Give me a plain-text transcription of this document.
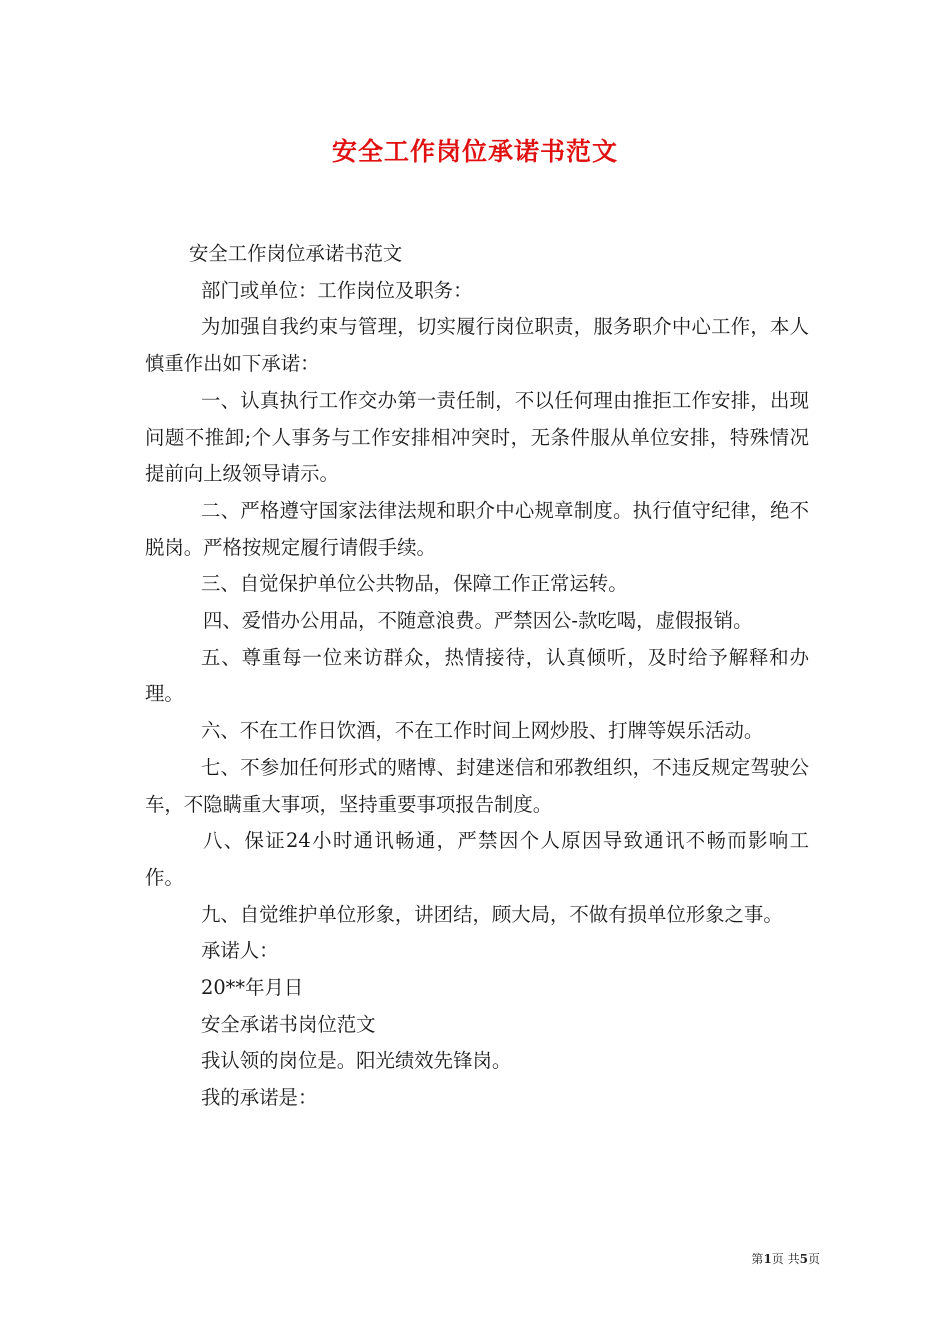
安全工作岗位承诺书范文

安全工作岗位承诺书范文

部门或单位：工作岗位及职务：

为加强自我约束与管理，切实履行岗位职责，服务职介中心工作，本人慎重作出如下承诺：

一、认真执行工作交办第一责任制，不以任何理由推拒工作安排，出现问题不推卸;个人事务与工作安排相冲突时，无条件服从单位安排，特殊情况提前向上级领导请示。

二、严格遵守国家法律法规和职介中心规章制度。执行值守纪律，绝不脱岗。严格按规定履行请假手续。

三、自觉保护单位公共物品，保障工作正常运转。

四、爱惜办公用品，不随意浪费。严禁因公-款吃喝，虚假报销。

五、尊重每一位来访群众，热情接待，认真倾听，及时给予解释和办理。

六、不在工作日饮酒，不在工作时间上网炒股、打牌等娱乐活动。

七、不参加任何形式的赌博、封建迷信和邪教组织，不违反规定驾驶公车，不隐瞒重大事项，坚持重要事项报告制度。

八、保证24小时通讯畅通，严禁因个人原因导致通讯不畅而影响工作。

九、自觉维护单位形象，讲团结，顾大局，不做有损单位形象之事。

承诺人：

20**年月日

安全承诺书岗位范文

我认领的岗位是。阳光绩效先锋岗。

我的承诺是：

第1页 共5页
